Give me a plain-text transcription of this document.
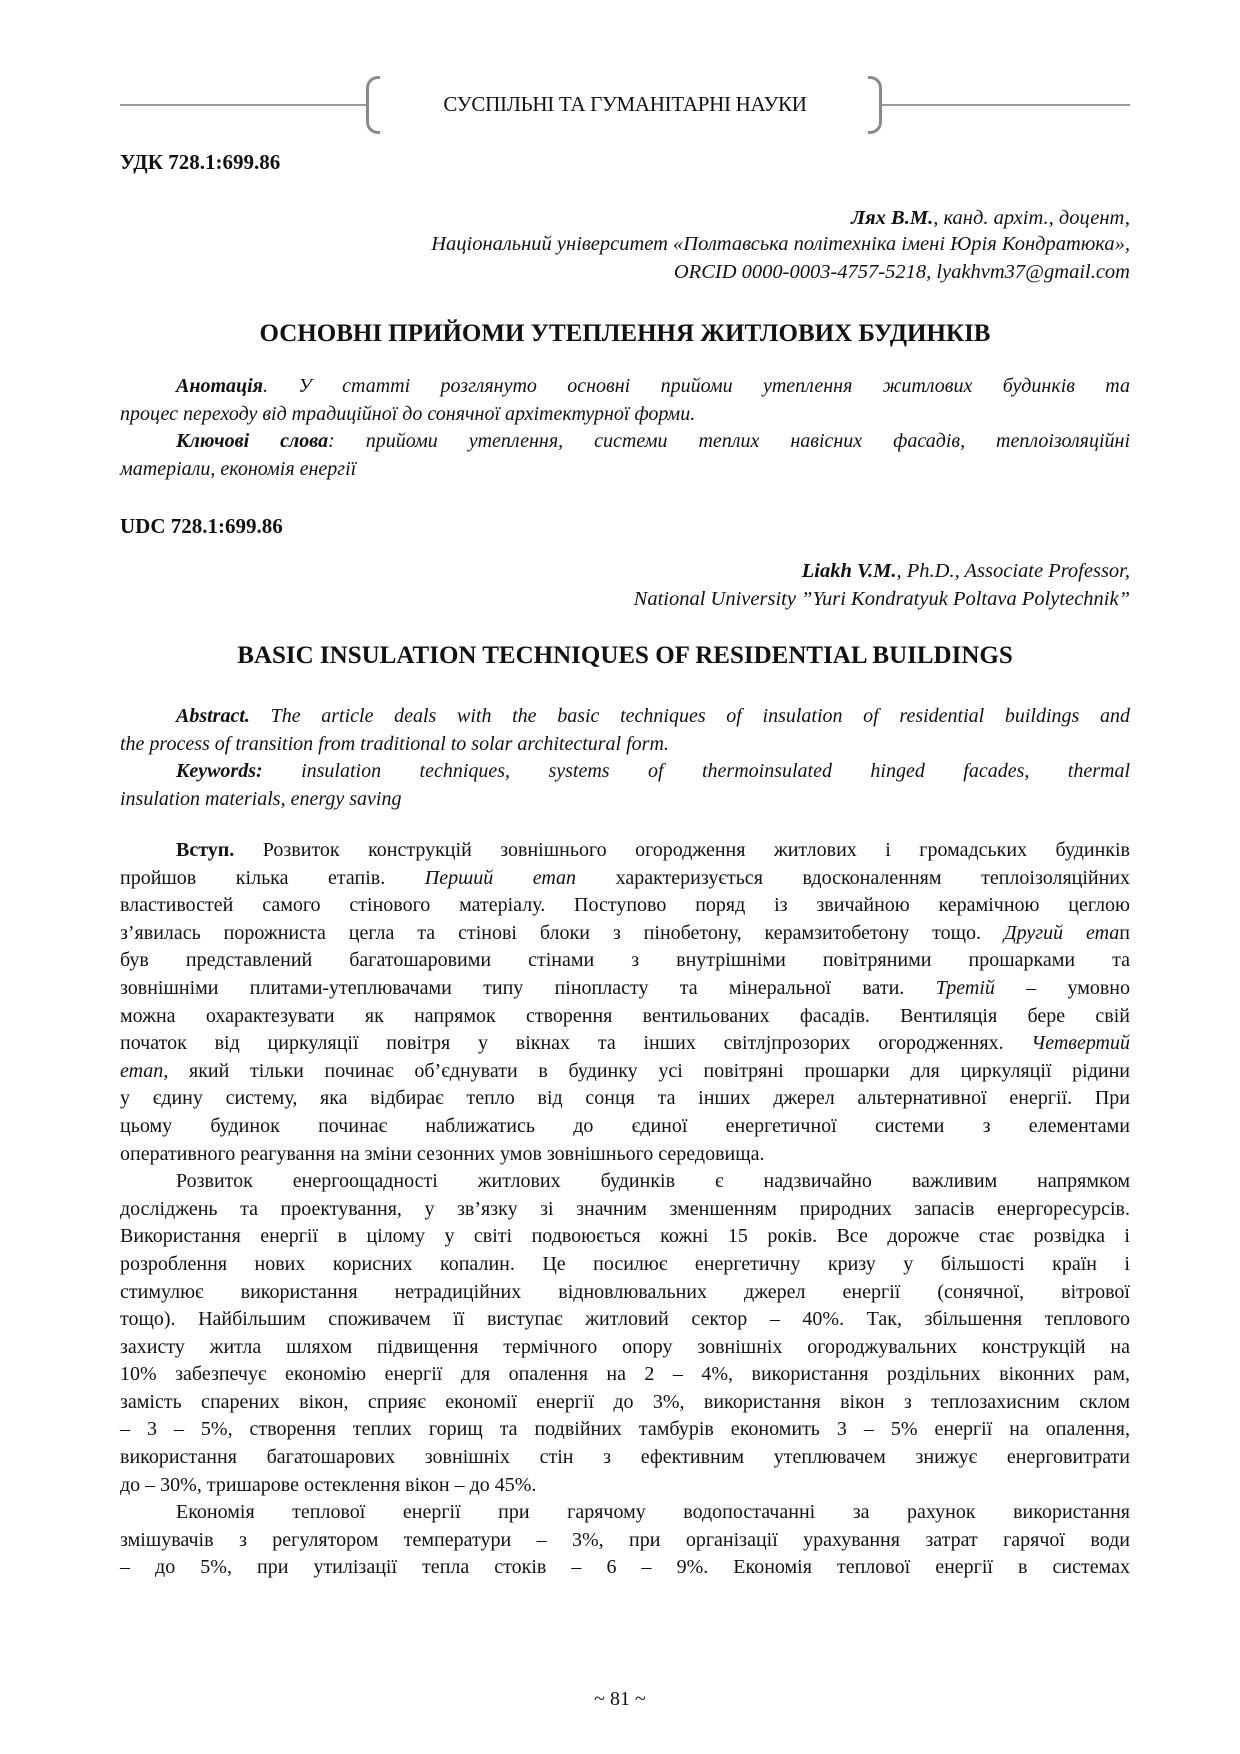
СУСПІЛЬНІ ТА ГУМАНІТАРНІ НАУКИ
УДК 728.1:699.86
Лях В.М., канд. архіт., доцент,
Національний університет «Полтавська політехніка імені Юрія Кондратюка»,
ORCID 0000-0003-4757-5218, lyakhvm37@gmail.com
ОСНОВНІ ПРИЙОМИ УТЕПЛЕННЯ ЖИТЛОВИХ БУДИНКІВ
Анотація. У статті розглянуто основні прийоми утеплення житлових будинків та
процес переходу від традиційної до сонячної архітектурної форми.
Ключові слова: прийоми утеплення, системи теплих навісних фасадів, теплоізоляційні
матеріали, економія енергії
UDC 728.1:699.86
Liakh V.M., Ph.D., Associate Professor,
National University ”Yuri Kondratyuk Poltava Polytechnik”
BASIC INSULATION TECHNIQUES OF RESIDENTIAL BUILDINGS
Abstract. The article deals with the basic techniques of insulation of residential buildings and
the process of transition from traditional to solar architectural form.
Keywords: insulation techniques, systems of thermoinsulated hinged facades, thermal
insulation materials, energy saving
Вступ. Розвиток конструкцій зовнішнього огородження житлових і громадських будинків
пройшов кілька етапів. Перший етап характеризується вдосконаленням теплоізоляційних
властивостей самого стінового матеріалу. Поступово поряд із звичайною керамічною цеглою
з’явилась порожниста цегла та стінові блоки з пінобетону, керамзитобетону тощо. Другий етап
був представлений багатошаровими стінами з внутрішніми повітряними прошарками та
зовнішніми плитами-утеплювачами типу пінопласту та мінеральної вати. Третій – умовно
можна охарактезувати як напрямок створення вентильованих фасадів. Вентиляція бере свій
початок від циркуляції повітря у вікнах та інших світлјпрозорих огородженнях. Четвертий
етап, який тільки починає об’єднувати в будинку усі повітряні прошарки для циркуляції рідини
у єдину систему, яка відбирає тепло від сонця та інших джерел альтернативної енергії. При
цьому будинок починає наближатись до єдиної енергетичної системи з елементами
оперативного реагування на зміни сезонних умов зовнішнього середовища.
Розвиток енергоощадності житлових будинків є надзвичайно важливим напрямком
досліджень та проектування, у зв’язку зі значним зменшенням природних запасів енергоресурсів.
Використання енергії в цілому у світі подвоюється кожні 15 років. Все дорожче стає розвідка і
розроблення нових корисних копалин. Це посилює енергетичну кризу у більшості країн і
стимулює використання нетрадиційних відновлювальних джерел енергії (сонячної, вітрової
тощо). Найбільшим споживачем її виступає житловий сектор – 40%. Так, збільшення теплового
захисту житла шляхом підвищення термічного опору зовнішніх огороджувальних конструкцій на
10% забезпечує економію енергії для опалення на 2 – 4%, використання роздільних віконних рам,
замість спарених вікон, сприяє економії енергії до 3%, використання вікон з теплозахисним склом
– 3 – 5%, створення теплих горищ та подвійних тамбурів економить 3 – 5% енергії на опалення,
використання багатошарових зовнішніх стін з ефективним утеплювачем знижує енерговитрати
до – 30%, тришарове остеклення вікон – до 45%.
Економія теплової енергії при гарячому водопостачанні за рахунок використання
змішувачів з регулятором температури – 3%, при організації урахування затрат гарячої води
– до 5%, при утилізації тепла стоків – 6 – 9%. Економія теплової енергії в системах
~ 81 ~
